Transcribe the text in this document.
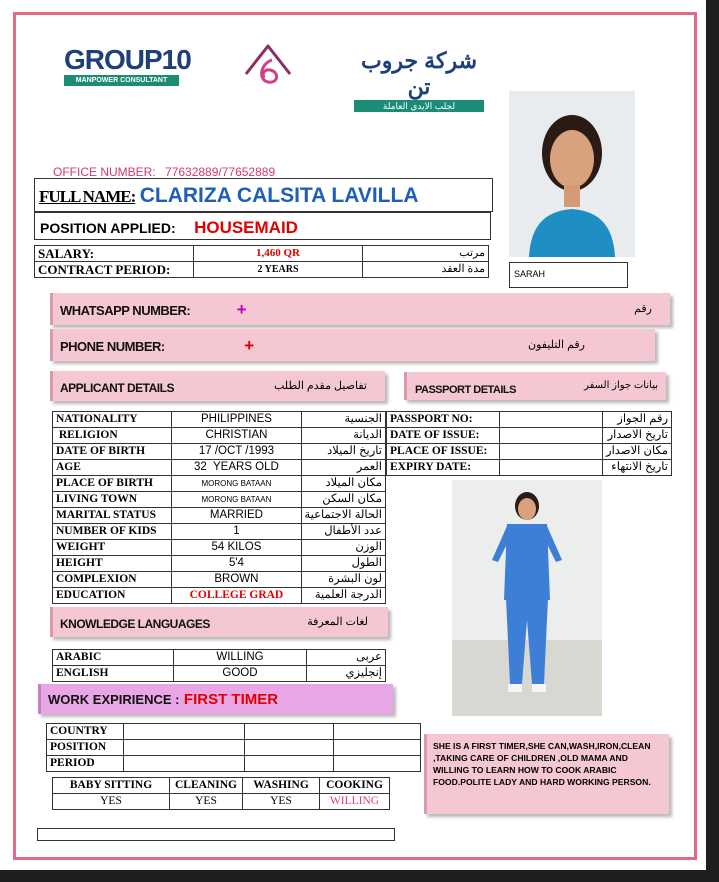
GROUP10
MANPOWER CONSULTANT
شركة جروب تن
لجلب الايدي العاملة
SARAH
OFFICE NUMBER: 77632889/77652889
FULL NAME: CLARIZA CALSITA LAVILLA
POSITION APPLIED: HOUSEMAID
SALARY:	1,460 QR	مرتب
CONTRACT PERIOD:	2 YEARS	مدة العقد
WHATSAPP NUMBER:	+	رقم
PHONE NUMBER:	+	رقم التليفون
APPLICANT DETAILS	تفاصيل مقدم الطلب	PASSPORT DETAILS	بيانات جواز السفر
NATIONALITY	PHILIPPINES	الجنسية
RELIGION	CHRISTIAN	الديانة
DATE OF BIRTH	17 /OCT /1993	تاريخ الميلاد
AGE	32  YEARS OLD	العمر
PLACE OF BIRTH	MORONG BATAAN	مكان الميلاد
LIVING TOWN	MORONG BATAAN	مكان السكن
MARITAL STATUS	MARRIED	الحالة الاجتماعية
NUMBER OF KIDS	1	عدد الأطفال
WEIGHT	54 KILOS	الوزن
HEIGHT	5'4	الطول
COMPLEXION	BROWN	لون البشرة
EDUCATION	COLLEGE GRAD	الدرجة العلمية
PASSPORT NO:		رقم الجواز
DATE OF ISSUE:		تاريخ الاصدار
PLACE OF ISSUE:		مكان الاصدار
EXPIRY DATE:		تاريخ الانتهاء
KNOWLEDGE LANGUAGES	لغات المعرفة
ARABIC	WILLING	عربى
ENGLISH	GOOD	إنجليزي
WORK EXPIRIENCE : FIRST TIMER
COUNTRY			
POSITION			
PERIOD			
BABY SITTING	CLEANING	WASHING	COOKING
YES	YES	YES	WILLING
SHE IS A FIRST TIMER,SHE CAN,WASH,IRON,CLEAN ,TAKING CARE OF CHILDREN ,OLD MAMA AND WILLING TO LEARN HOW TO COOK ARABIC FOOD.POLITE LADY AND HARD WORKING PERSON.
